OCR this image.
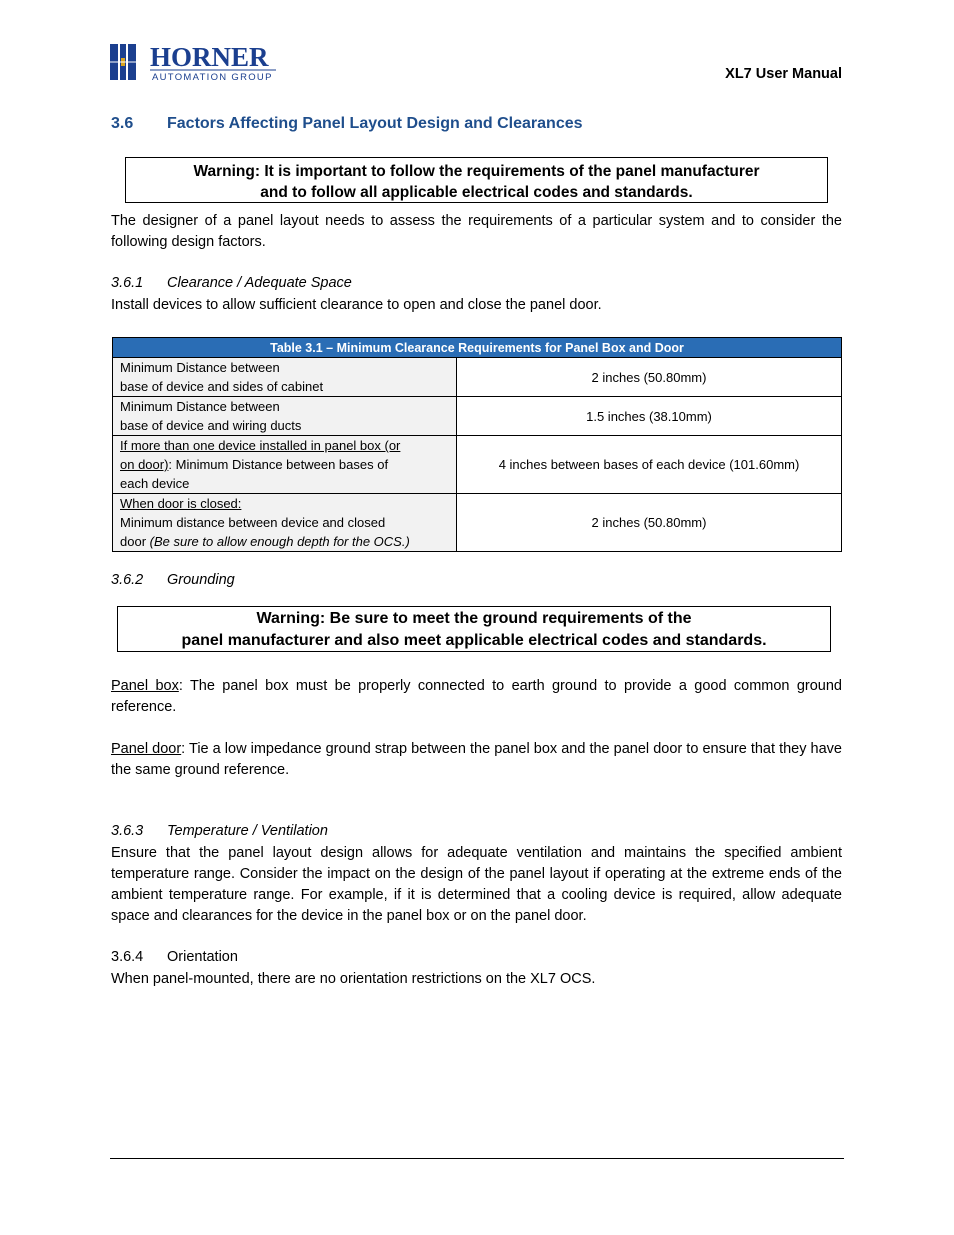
HORNER
AUTOMATION GROUP	XL7 User Manual
3.6 Factors Affecting Panel Layout Design and Clearances
Warning: It is important to follow the requirements of the panel manufacturer
and to follow all applicable electrical codes and standards.
The designer of a panel layout needs to assess the requirements of a particular system and to consider the following design factors.
3.6.1 Clearance / Adequate Space
Install devices to allow sufficient clearance to open and close the panel door.
Table 3.1 – Minimum Clearance Requirements for Panel Box and Door	

Minimum Distance between
base of device and sides of cabinet	2 inches (50.80mm)

Minimum Distance between
base of device and wiring ducts	1.5 inches (38.10mm)

If more than one device installed in panel box (or
on door): Minimum Distance between bases of
each device	4 inches between bases of each device (101.60mm)

When door is closed:
Minimum distance between device and closed
door (Be sure to allow enough depth for the OCS.)	2 inches (50.80mm)
3.6.2 Grounding
Warning: Be sure to meet the ground requirements of the
panel manufacturer and also meet applicable electrical codes and standards.
Panel box: The panel box must be properly connected to earth ground to provide a good common ground reference.
Panel door: Tie a low impedance ground strap between the panel box and the panel door to ensure that they have the same ground reference.
3.6.3 Temperature / Ventilation
Ensure that the panel layout design allows for adequate ventilation and maintains the specified ambient temperature range. Consider the impact on the design of the panel layout if operating at the extreme ends of the ambient temperature range. For example, if it is determined that a cooling device is required, allow adequate space and clearances for the device in the panel box or on the panel door.
3.6.4 Orientation
When panel-mounted, there are no orientation restrictions on the XL7 OCS.
